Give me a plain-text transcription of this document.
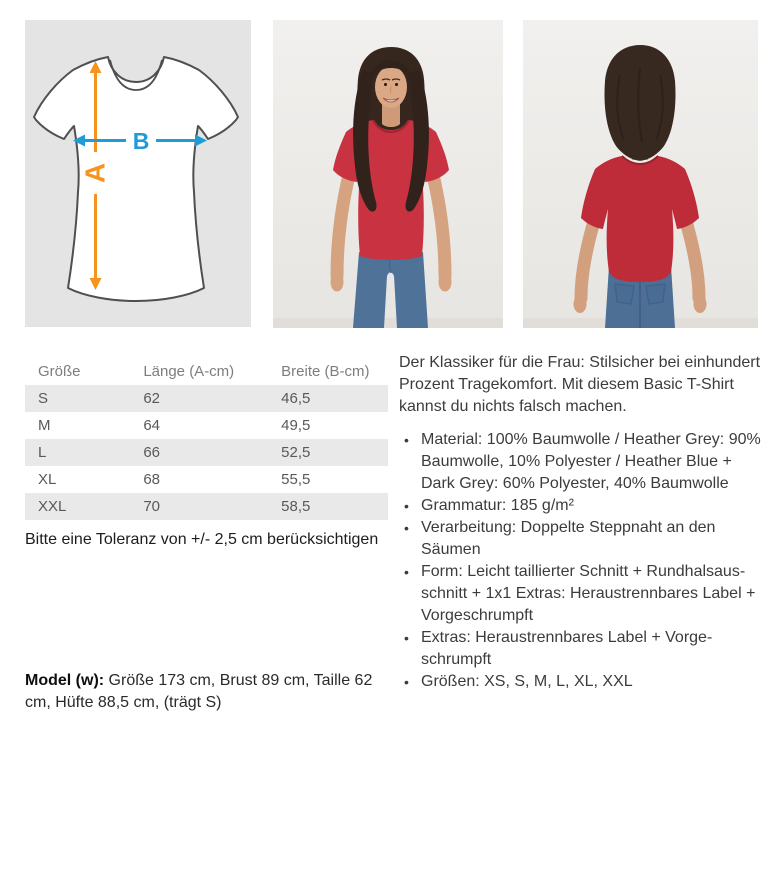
A
B
Größe	Länge (A-cm)	Breite (B-cm)
S	62	46,5
M	64	49,5
L	66	52,5
XL	68	55,5
XXL	70	58,5
Bitte eine Toleranz von +/- 2,5 cm berücksichtigen
Model (w): Größe 173 cm, Brust 89 cm, Taille 62 cm, Hüfte 88,5 cm, (trägt S)

Der Klassiker für die Frau: Stilsicher bei einhundert Prozent Tragekomfort. Mit diesem Basic T-Shirt kannst du nichts falsch machen.

• Material: 100% Baumwolle / Heather Grey: 90% Baumwolle, 10% Polyester / Heather Blue + Dark Grey: 60% Polyester, 40% Baumwolle
• Grammatur: 185 g/m²
• Verarbeitung: Doppelte Steppnaht an den Säumen
• Form: Leicht taillierter Schnitt + Rundhalsausschnitt + 1x1 Extras: Heraustrennbares Label + Vorgeschrumpft
• Extras: Heraustrennbares Label + Vorgeschrumpft
• Größen: XS, S, M, L, XL, XXL
